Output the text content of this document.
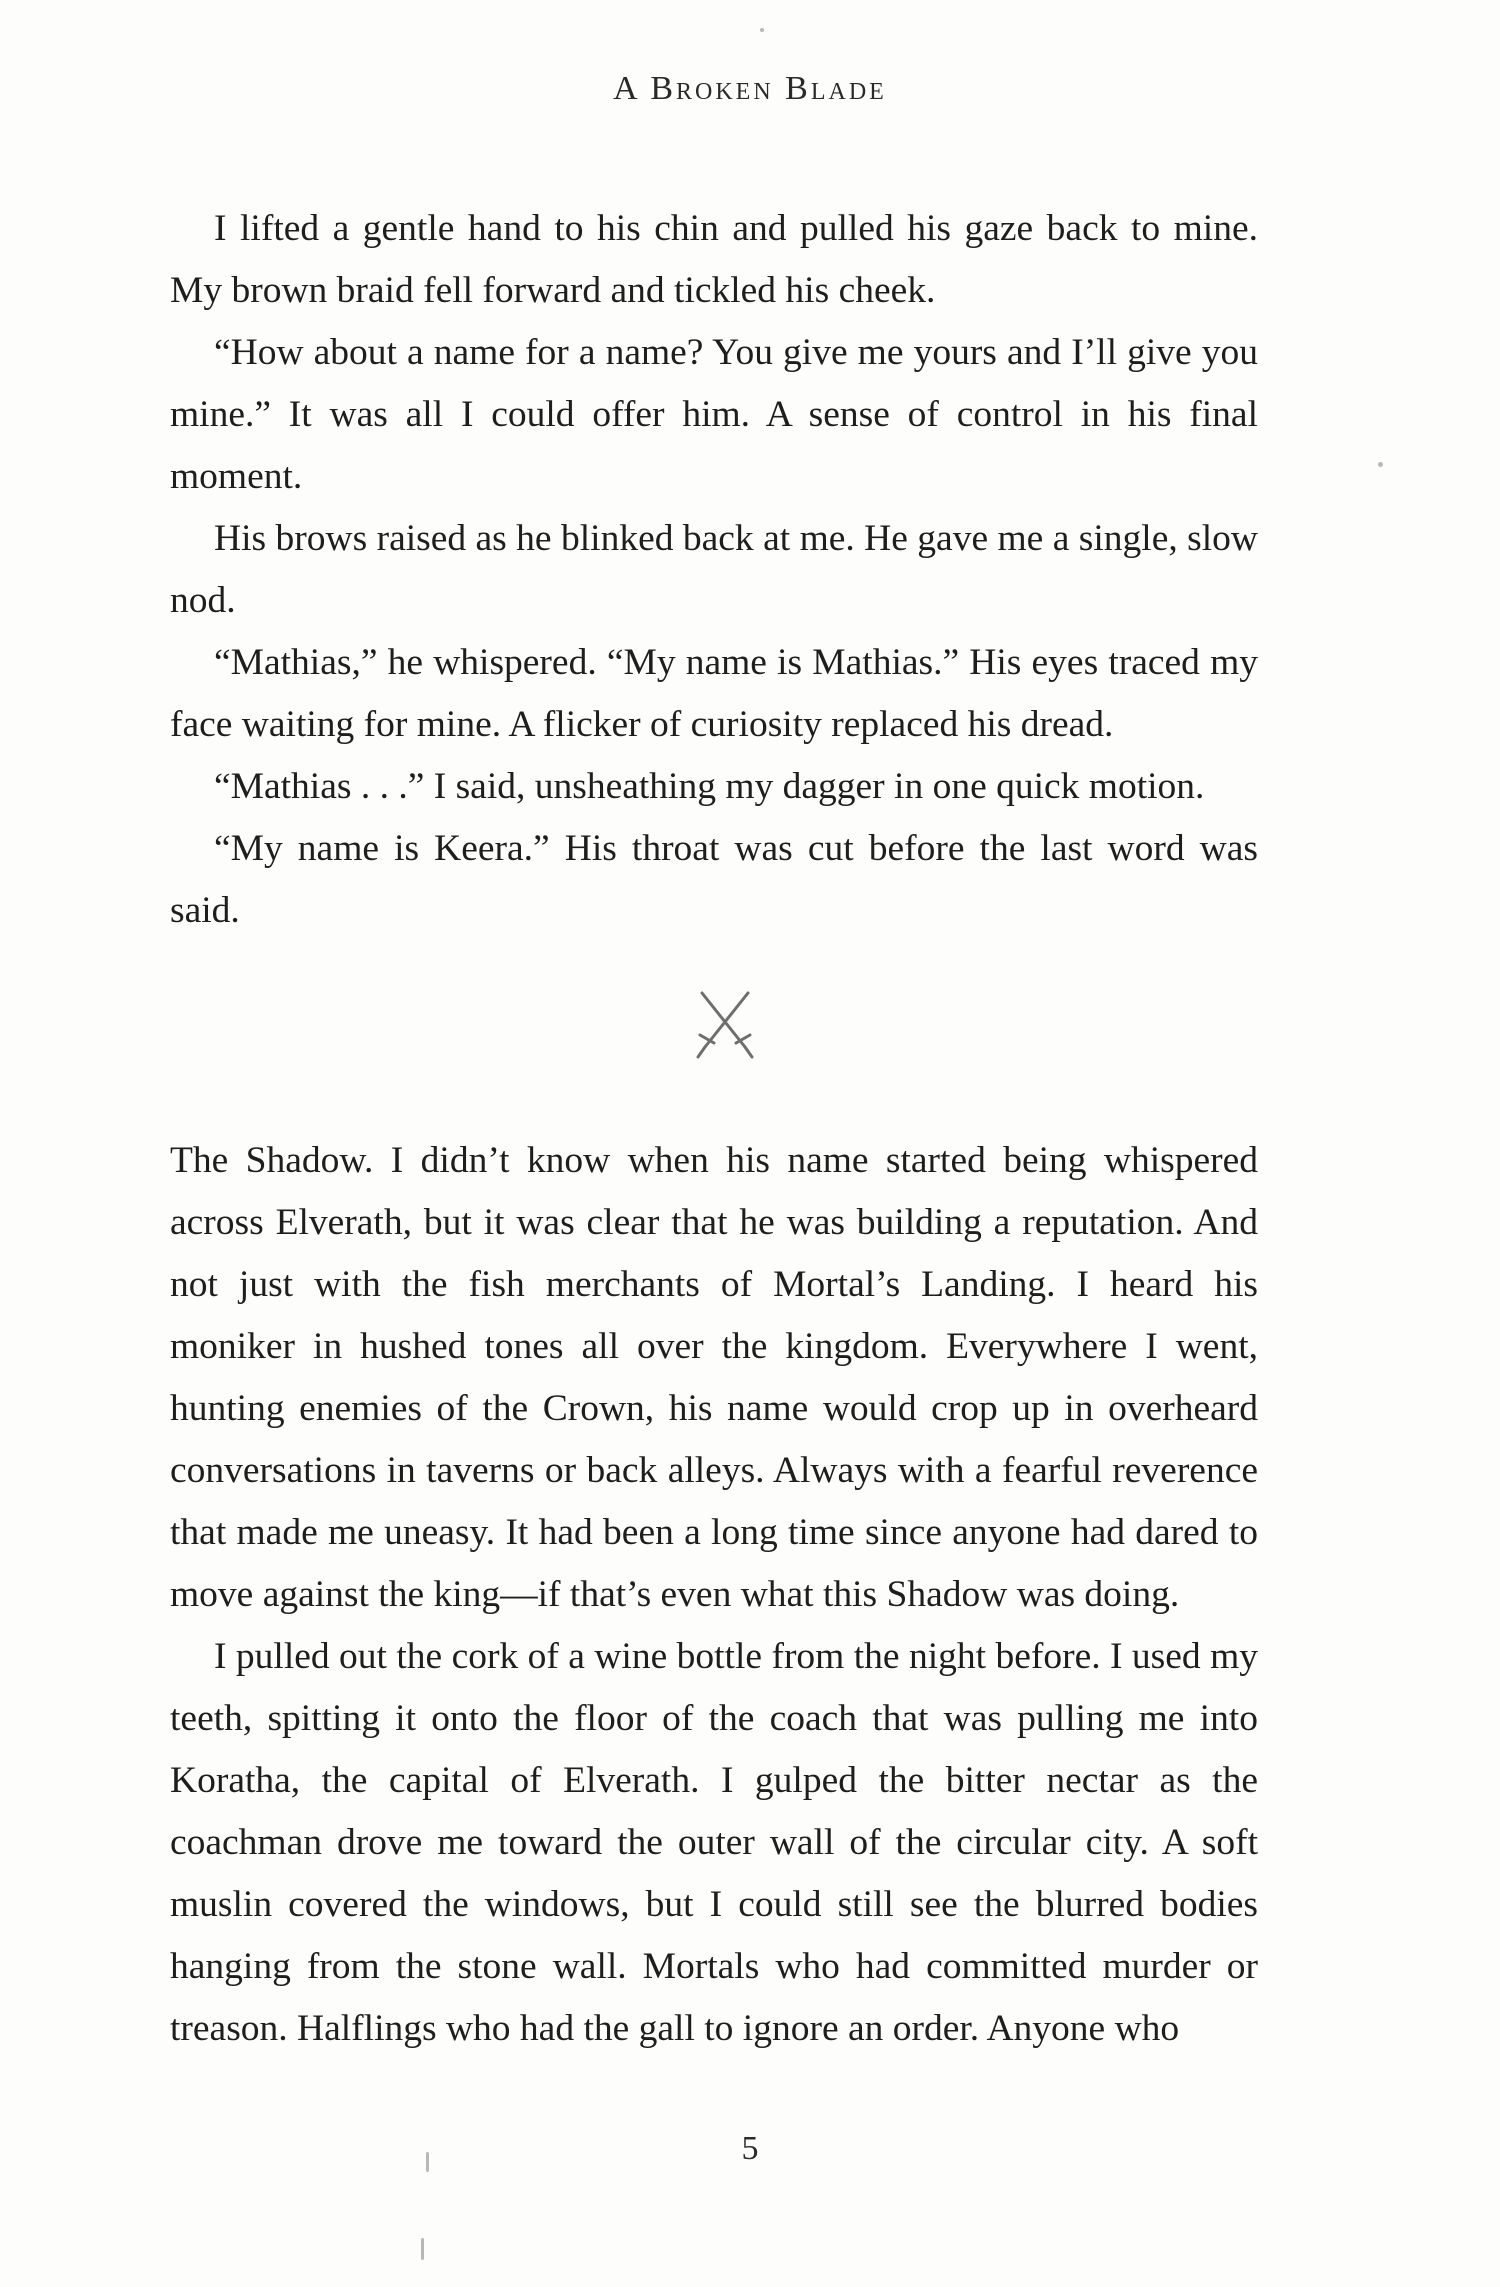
A Broken Blade

I lifted a gentle hand to his chin and pulled his gaze back to mine. My brown braid fell forward and tickled his cheek.

“How about a name for a name? You give me yours and I’ll give you mine.” It was all I could offer him. A sense of control in his final moment.

His brows raised as he blinked back at me. He gave me a single, slow nod.

“Mathias,” he whispered. “My name is Mathias.” His eyes traced my face waiting for mine. A flicker of curiosity replaced his dread.

“Mathias . . .” I said, unsheathing my dagger in one quick motion.

“My name is Keera.” His throat was cut before the last word was said.

The Shadow. I didn’t know when his name started being whispered across Elverath, but it was clear that he was building a reputation. And not just with the fish merchants of Mortal’s Landing. I heard his moniker in hushed tones all over the kingdom. Everywhere I went, hunting enemies of the Crown, his name would crop up in overheard conversations in taverns or back alleys. Always with a fearful reverence that made me uneasy. It had been a long time since anyone had dared to move against the king—if that’s even what this Shadow was doing.

I pulled out the cork of a wine bottle from the night before. I used my teeth, spitting it onto the floor of the coach that was pulling me into Koratha, the capital of Elverath. I gulped the bitter nectar as the coachman drove me toward the outer wall of the circular city. A soft muslin covered the windows, but I could still see the blurred bodies hanging from the stone wall. Mortals who had committed murder or treason. Halflings who had the gall to ignore an order. Anyone who

5
